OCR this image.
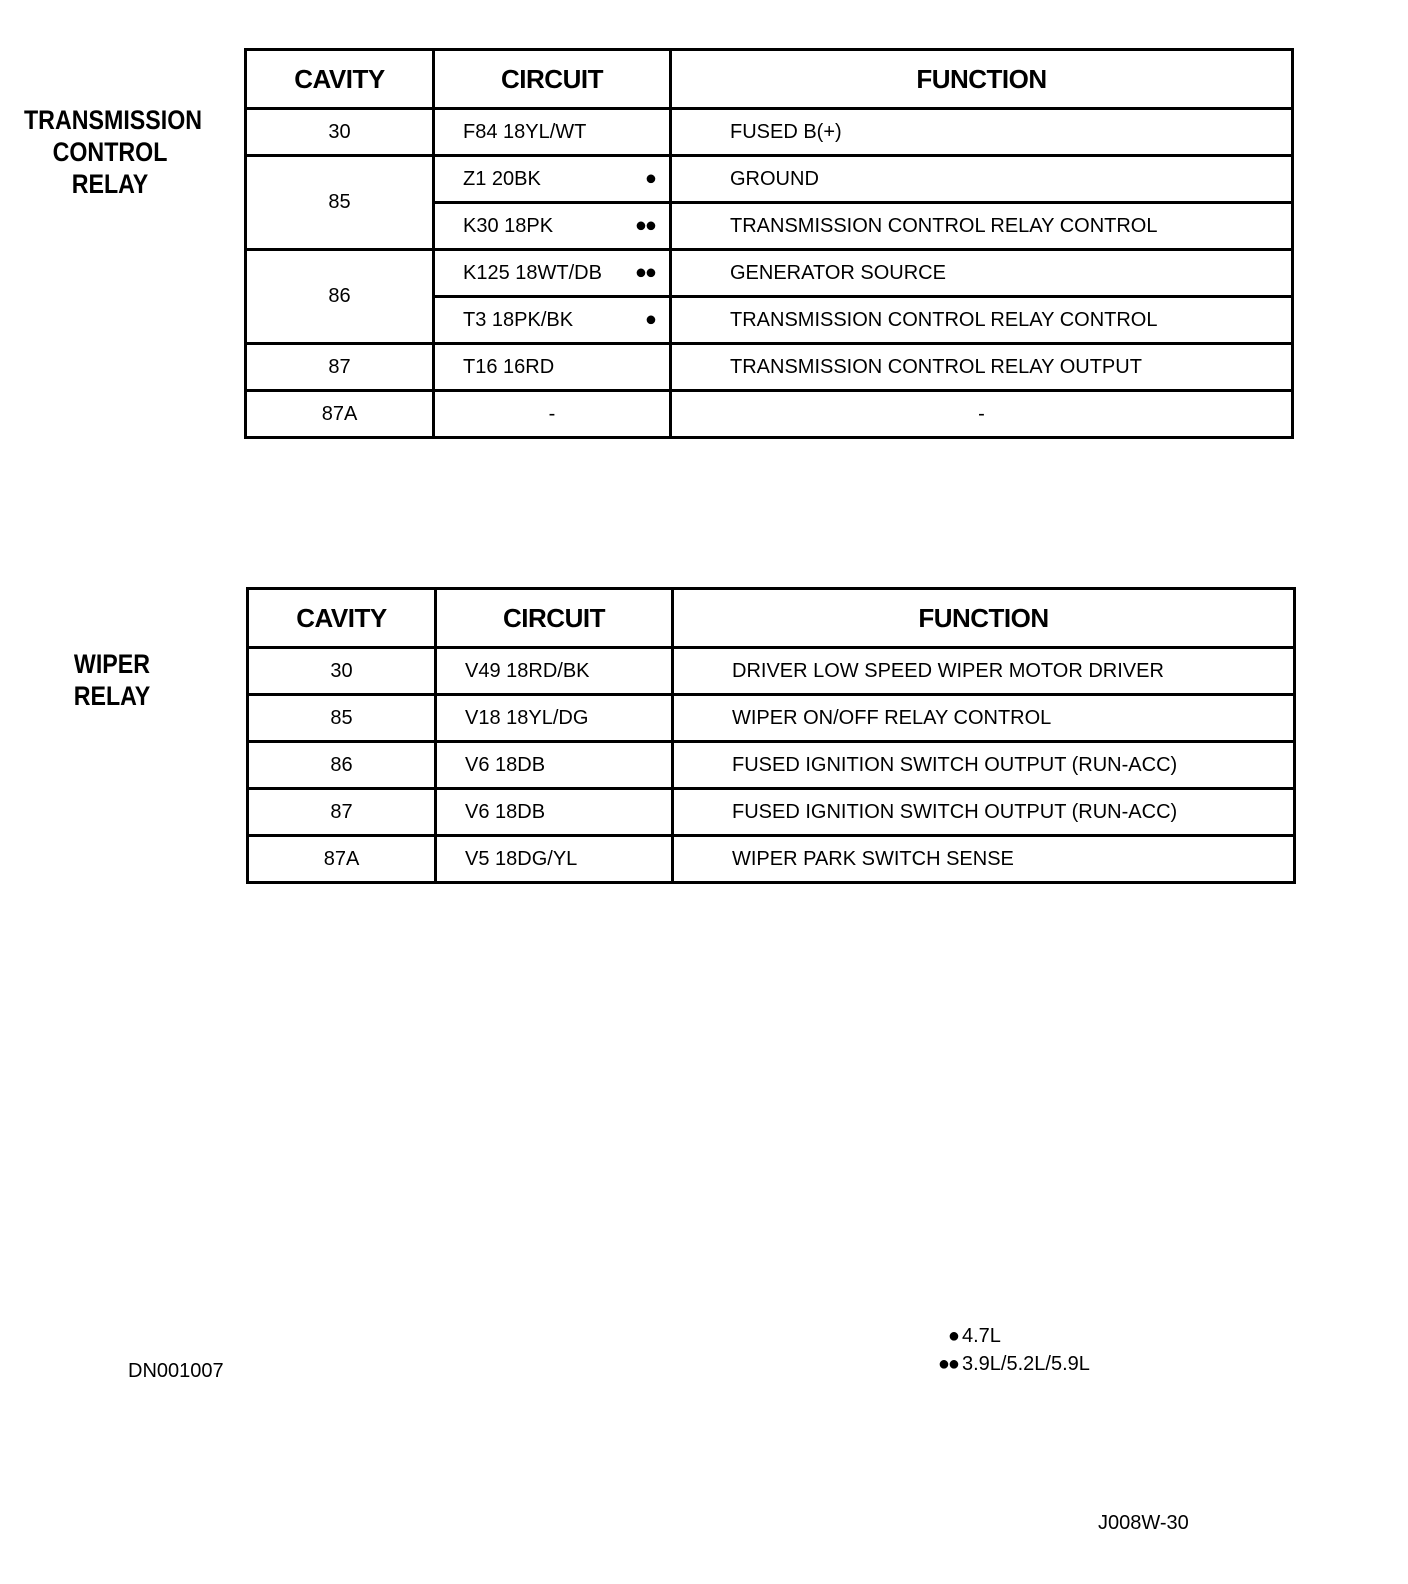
TRANSMISSION
CONTROL
RELAY
CAVITY	CIRCUIT	FUNCTION
30	F84 18YL/WT	FUSED B(+)
85	Z1 20BK ●	GROUND
	K30 18PK ●●	TRANSMISSION CONTROL RELAY CONTROL
86	K125 18WT/DB ●●	GENERATOR SOURCE
	T3 18PK/BK ●	TRANSMISSION CONTROL RELAY CONTROL
87	T16 16RD	TRANSMISSION CONTROL RELAY OUTPUT
87A	-	-
WIPER
RELAY
CAVITY	CIRCUIT	FUNCTION
30	V49 18RD/BK	DRIVER LOW SPEED WIPER MOTOR DRIVER
85	V18 18YL/DG	WIPER ON/OFF RELAY CONTROL
86	V6 18DB	FUSED IGNITION SWITCH OUTPUT (RUN-ACC)
87	V6 18DB	FUSED IGNITION SWITCH OUTPUT (RUN-ACC)
87A	V5 18DG/YL	WIPER PARK SWITCH SENSE
● 4.7L
●● 3.9L/5.2L/5.9L
DN001007
J008W-30
